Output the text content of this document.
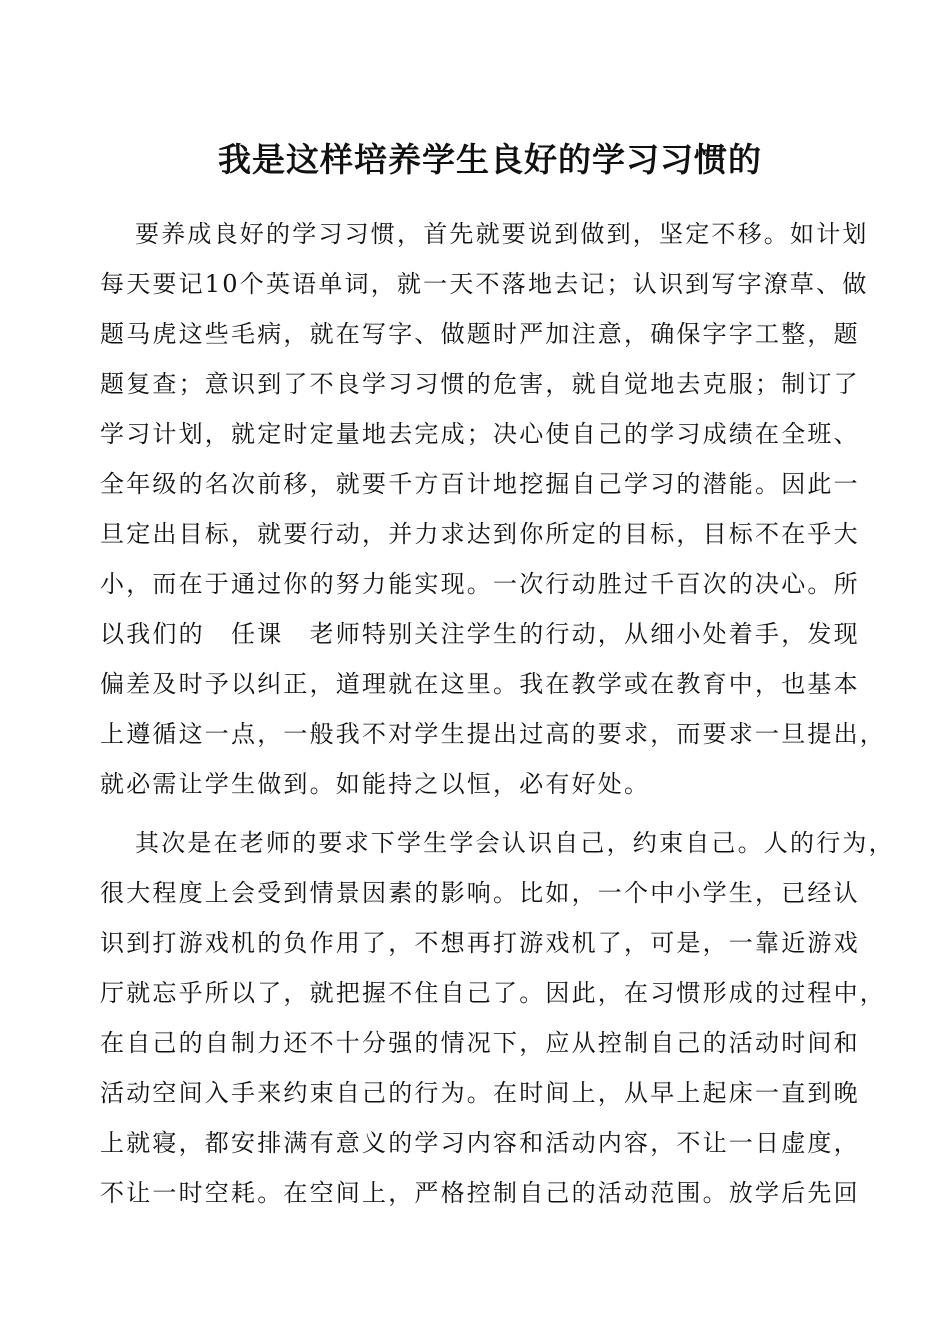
我是这样培养学生良好的学习习惯的
要养成良好的学习习惯，首先就要说到做到，坚定不移。如计划
每天要记10个英语单词，就一天不落地去记；认识到写字潦草、做
题马虎这些毛病，就在写字、做题时严加注意，确保字字工整，题
题复查；意识到了不良学习习惯的危害，就自觉地去克服；制订了
学习计划，就定时定量地去完成；决心使自己的学习成绩在全班、
全年级的名次前移，就要千方百计地挖掘自己学习的潜能。因此一
旦定出目标，就要行动，并力求达到你所定的目标，目标不在乎大
小，而在于通过你的努力能实现。一次行动胜过千百次的决心。所
以我们的　任课　老师特别关注学生的行动，从细小处着手，发现
偏差及时予以纠正，道理就在这里。我在教学或在教育中，也基本
上遵循这一点，一般我不对学生提出过高的要求，而要求一旦提出，
就必需让学生做到。如能持之以恒，必有好处。
其次是在老师的要求下学生学会认识自己，约束自己。人的行为，
很大程度上会受到情景因素的影响。比如，一个中小学生，已经认
识到打游戏机的负作用了，不想再打游戏机了，可是，一靠近游戏
厅就忘乎所以了，就把握不住自己了。因此，在习惯形成的过程中，
在自己的自制力还不十分强的情况下，应从控制自己的活动时间和
活动空间入手来约束自己的行为。在时间上，从早上起床一直到晚
上就寝，都安排满有意义的学习内容和活动内容，不让一日虚度，
不让一时空耗。在空间上，严格控制自己的活动范围。放学后先回
